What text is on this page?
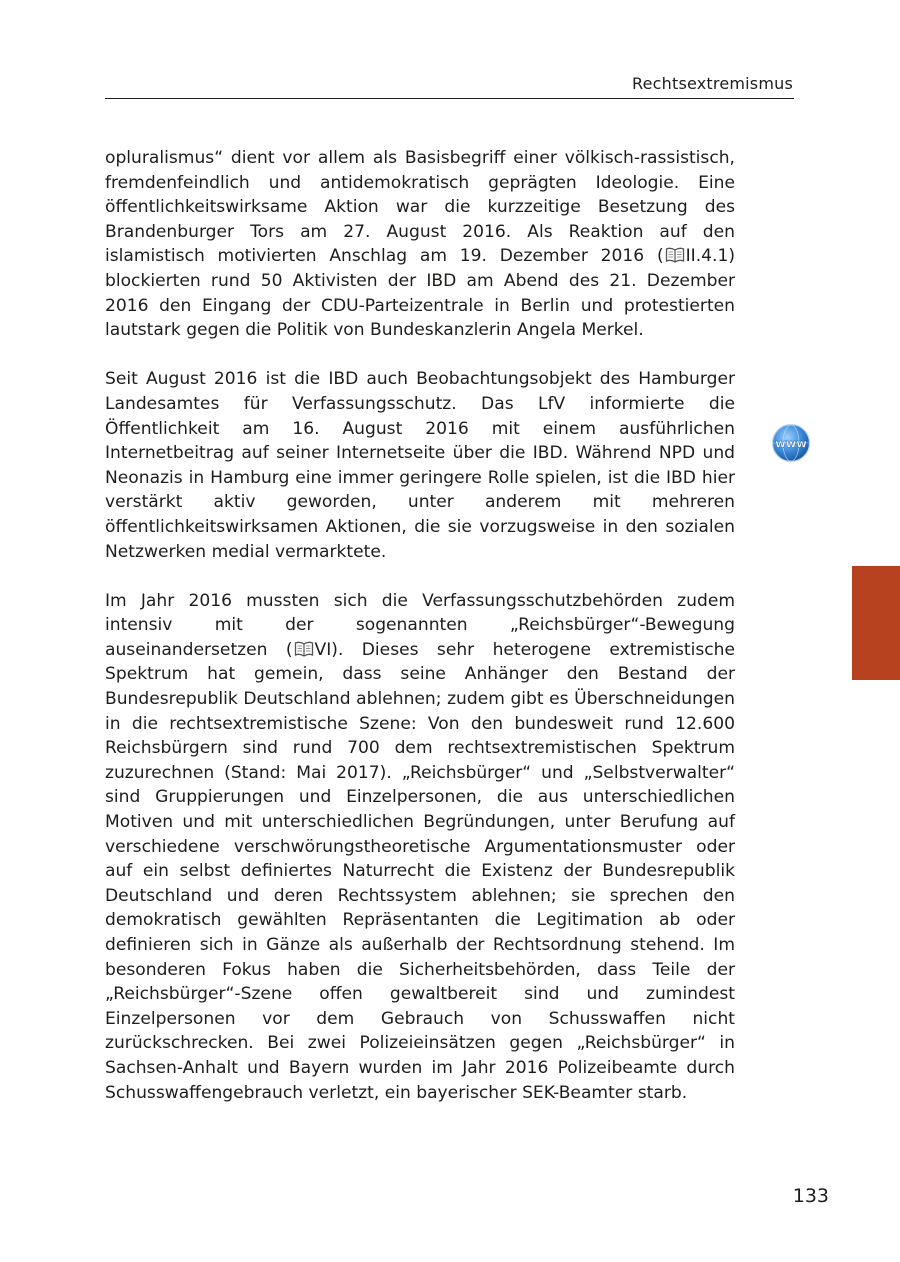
Rechtsextremismus

opluralismus“ dient vor allem als Basisbegriff einer völkisch-rassistisch, fremdenfeindlich und antidemokratisch geprägten Ideologie. Eine öffentlichkeitswirksame Aktion war die kurzzeitige Besetzung des Brandenburger Tors am 27. August 2016. Als Reaktion auf den islamistisch motivierten Anschlag am 19. Dezember 2016 ( II.4.1) blockierten rund 50 Aktivisten der IBD am Abend des 21. Dezember 2016 den Eingang der CDU-Parteizentrale in Berlin und protestierten lautstark gegen die Politik von Bundeskanzlerin Angela Merkel.

Seit August 2016 ist die IBD auch Beobachtungsobjekt des Hamburger Landesamtes für Verfassungsschutz. Das LfV informierte die Öffentlichkeit am 16. August 2016 mit einem ausführlichen Internetbeitrag auf seiner Internetseite über die IBD. Während NPD und Neonazis in Hamburg eine immer geringere Rolle spielen, ist die IBD hier verstärkt aktiv geworden, unter anderem mit mehreren öffentlichkeitswirksamen Aktionen, die sie vorzugsweise in den sozialen Netzwerken medial vermarktete.

Im Jahr 2016 mussten sich die Verfassungsschutzbehörden zudem intensiv mit der sogenannten „Reichsbürger“-Bewegung auseinandersetzen ( VI). Dieses sehr heterogene extremistische Spektrum hat gemein, dass seine Anhänger den Bestand der Bundesrepublik Deutschland ablehnen; zudem gibt es Überschneidungen in die rechtsextremistische Szene: Von den bundesweit rund 12.600 Reichsbürgern sind rund 700 dem rechtsextremistischen Spektrum zuzurechnen (Stand: Mai 2017). „Reichsbürger“ und „Selbstverwalter“ sind Gruppierungen und Einzelpersonen, die aus unterschiedlichen Motiven und mit unterschiedlichen Begründungen, unter Berufung auf verschiedene verschwörungstheoretische Argumentationsmuster oder auf ein selbst definiertes Naturrecht die Existenz der Bundesrepublik Deutschland und deren Rechtssystem ablehnen; sie sprechen den demokratisch gewählten Repräsentanten die Legitimation ab oder definieren sich in Gänze als außerhalb der Rechtsordnung stehend. Im besonderen Fokus haben die Sicherheitsbehörden, dass Teile der „Reichsbürger“-Szene offen gewaltbereit sind und zumindest Einzelpersonen vor dem Gebrauch von Schusswaffen nicht zurückschrecken. Bei zwei Polizeieinsätzen gegen „Reichsbürger“ in Sachsen-Anhalt und Bayern wurden im Jahr 2016 Polizeibeamte durch Schusswaffengebrauch verletzt, ein bayerischer SEK-Beamter starb.

www
133
